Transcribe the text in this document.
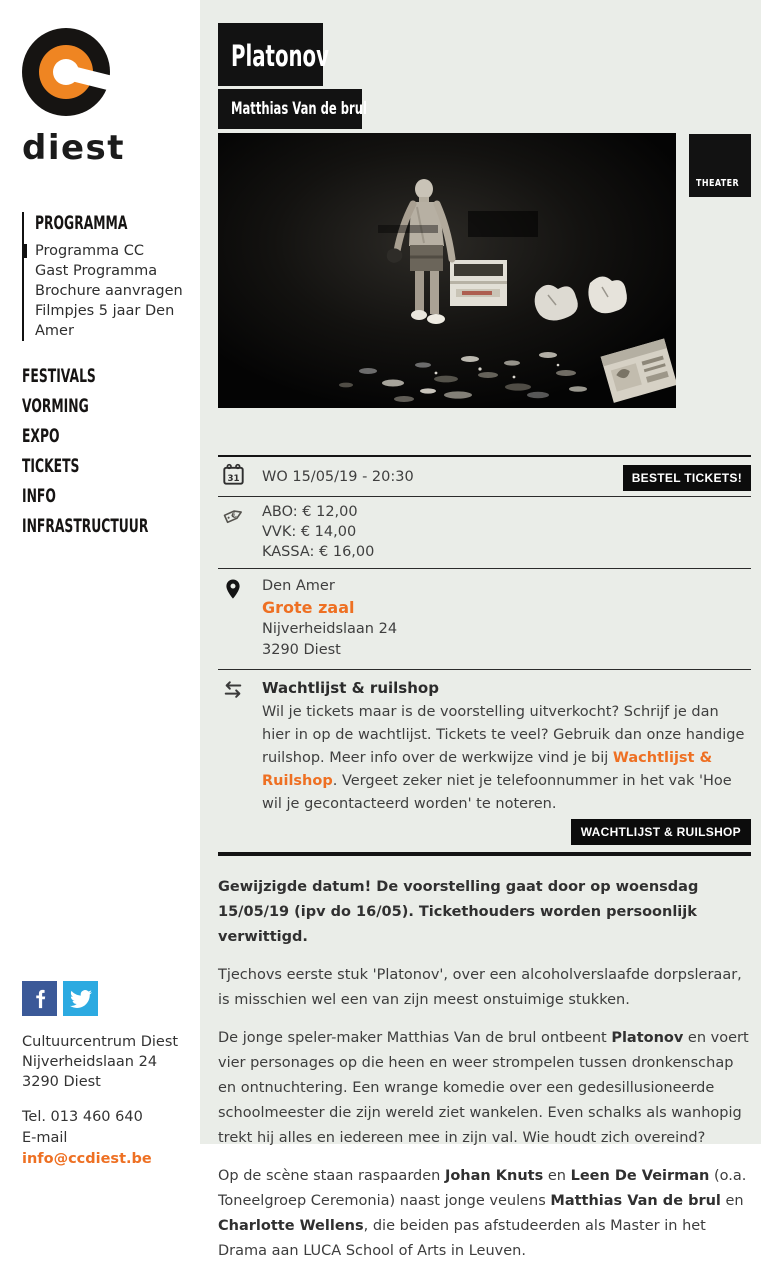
diest
PROGRAMMA
Programma CC
Gast Programma
Brochure aanvragen
Filmpjes 5 jaar Den Amer
FESTIVALS
VORMING
EXPO
TICKETS
INFO
INFRASTRUCTUUR
Cultuurcentrum Diest
Nijverheidslaan 24
3290 Diest
Tel. 013 460 640
E-mail info@ccdiest.be
Platonov
Matthias Van de brul
THEATER
31 WO 15/05/19 - 20:30	BESTEL TICKETS!
€ ABO: € 12,00
VVK: € 14,00
KASSA: € 16,00
Den Amer
Grote zaal
Nijverheidslaan 24
3290 Diest
Wachtlijst & ruilshop
Wil je tickets maar is de voorstelling uitverkocht? Schrijf je dan hier in op de wachtlijst. Tickets te veel? Gebruik dan onze handige ruilshop. Meer info over de werkwijze vind je bij Wachtlijst & Ruilshop. Vergeet zeker niet je telefoonnummer in het vak 'Hoe wil je gecontacteerd worden' te noteren.
WACHTLIJST & RUILSHOP

Gewijzigde datum! De voorstelling gaat door op woensdag 15/05/19 (ipv do 16/05). Tickethouders worden persoonlijk verwittigd.

Tjechovs eerste stuk 'Platonov', over een alcoholverslaafde dorpsleraar, is misschien wel een van zijn meest onstuimige stukken.

De jonge speler-maker Matthias Van de brul ontbeent Platonov en voert vier personages op die heen en weer strompelen tussen dronkenschap en ontnuchtering. Een wrange komedie over een gedesillusioneerde schoolmeester die zijn wereld ziet wankelen. Even schalks als wanhopig trekt hij alles en iedereen mee in zijn val. Wie houdt zich overeind?

Op de scène staan raspaarden Johan Knuts en Leen De Veirman (o.a. Toneelgroep Ceremonia) naast jonge veulens Matthias Van de brul en Charlotte Wellens, die beiden pas afstudeerden als Master in het Drama aan LUCA School of Arts in Leuven.
